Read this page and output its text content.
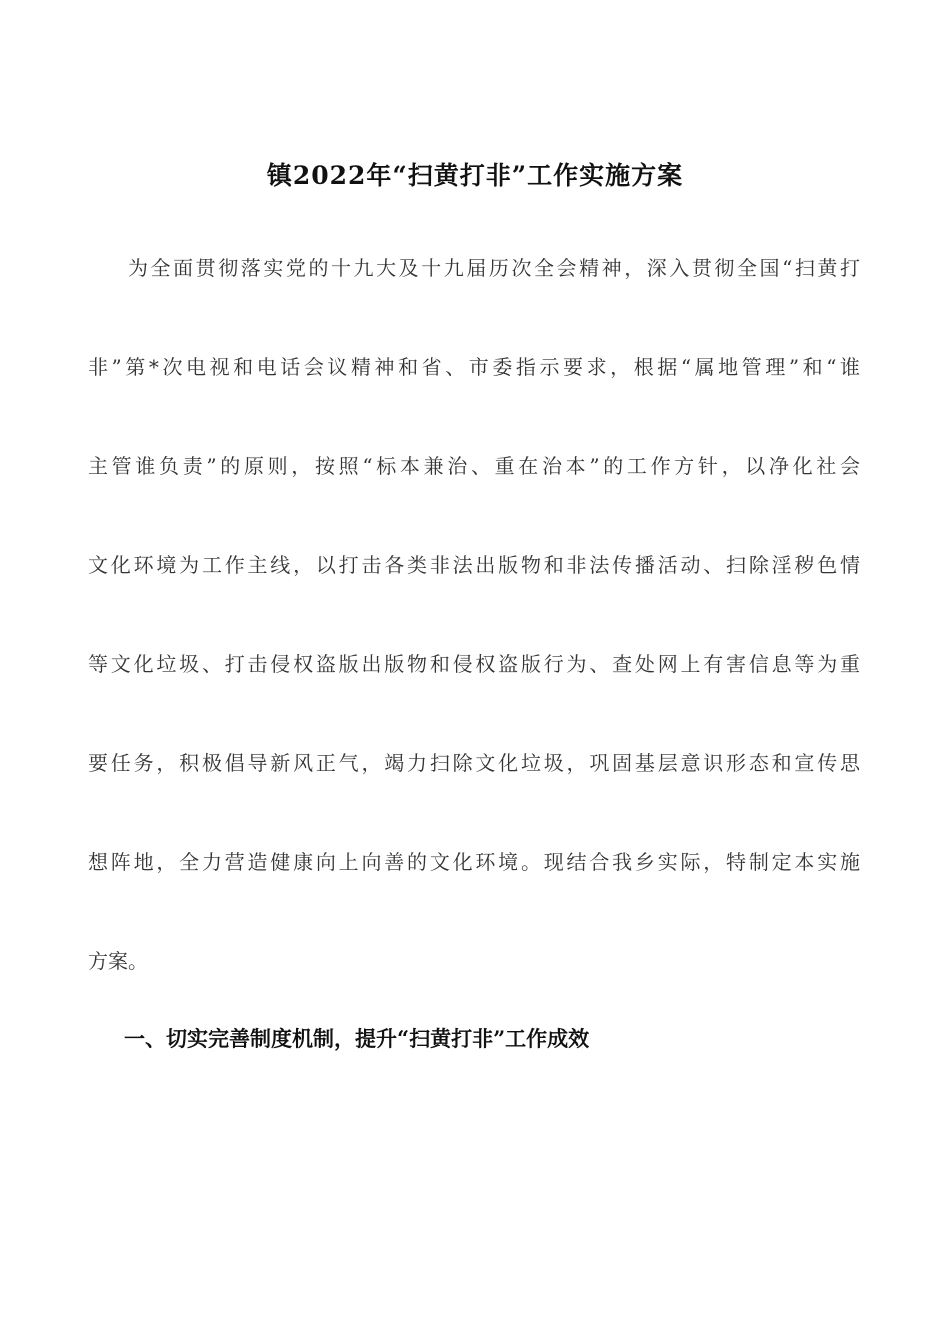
镇2022年“扫黄打非”工作实施方案
为全面贯彻落实党的十九大及十九届历次全会精神，深入贯彻全国“扫黄打
非”第*次电视和电话会议精神和省、市委指示要求，根据“属地管理”和“谁
主管谁负责”的原则，按照“标本兼治、重在治本”的工作方针，以净化社会
文化环境为工作主线，以打击各类非法出版物和非法传播活动、扫除淫秽色情
等文化垃圾、打击侵权盗版出版物和侵权盗版行为、查处网上有害信息等为重
要任务，积极倡导新风正气，竭力扫除文化垃圾，巩固基层意识形态和宣传思
想阵地，全力营造健康向上向善的文化环境。现结合我乡实际，特制定本实施
方案。
一、切实完善制度机制，提升“扫黄打非”工作成效
